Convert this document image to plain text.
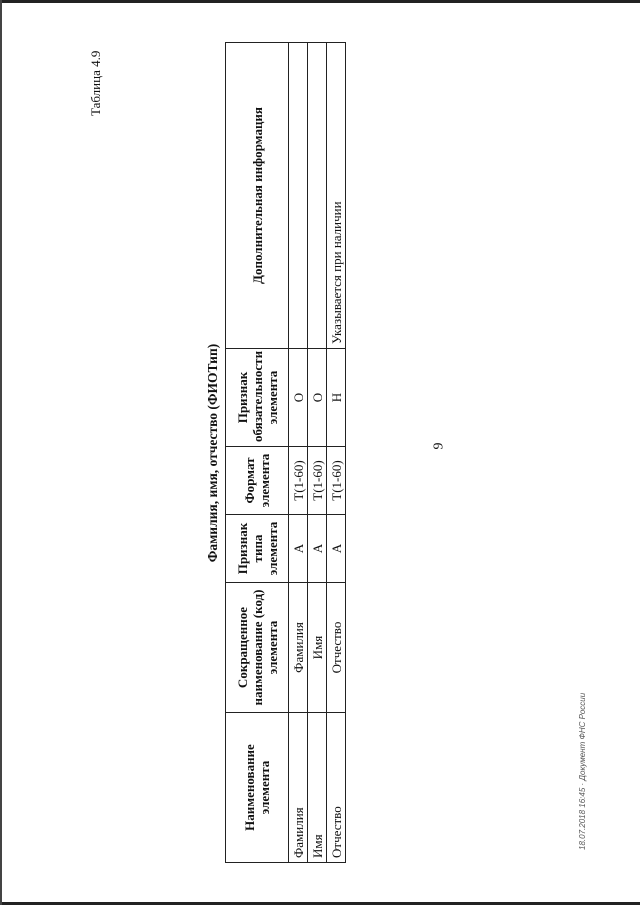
Таблица 4.9
9
Фамилия, имя, отчество (ФИОТип)
Наименование элемента	Сокращенное наименование (код) элемента	Признак типа элемента	Формат элемента	Признак обязательности элемента	Дополнительная информация
Фамилия	Фамилия	А	T(1-60)	О	
Имя	Имя	А	T(1-60)	О	
Отчество	Отчество	А	T(1-60)	Н	Указывается при наличии
18.07.2018 16:45 · Документ ФНС России
